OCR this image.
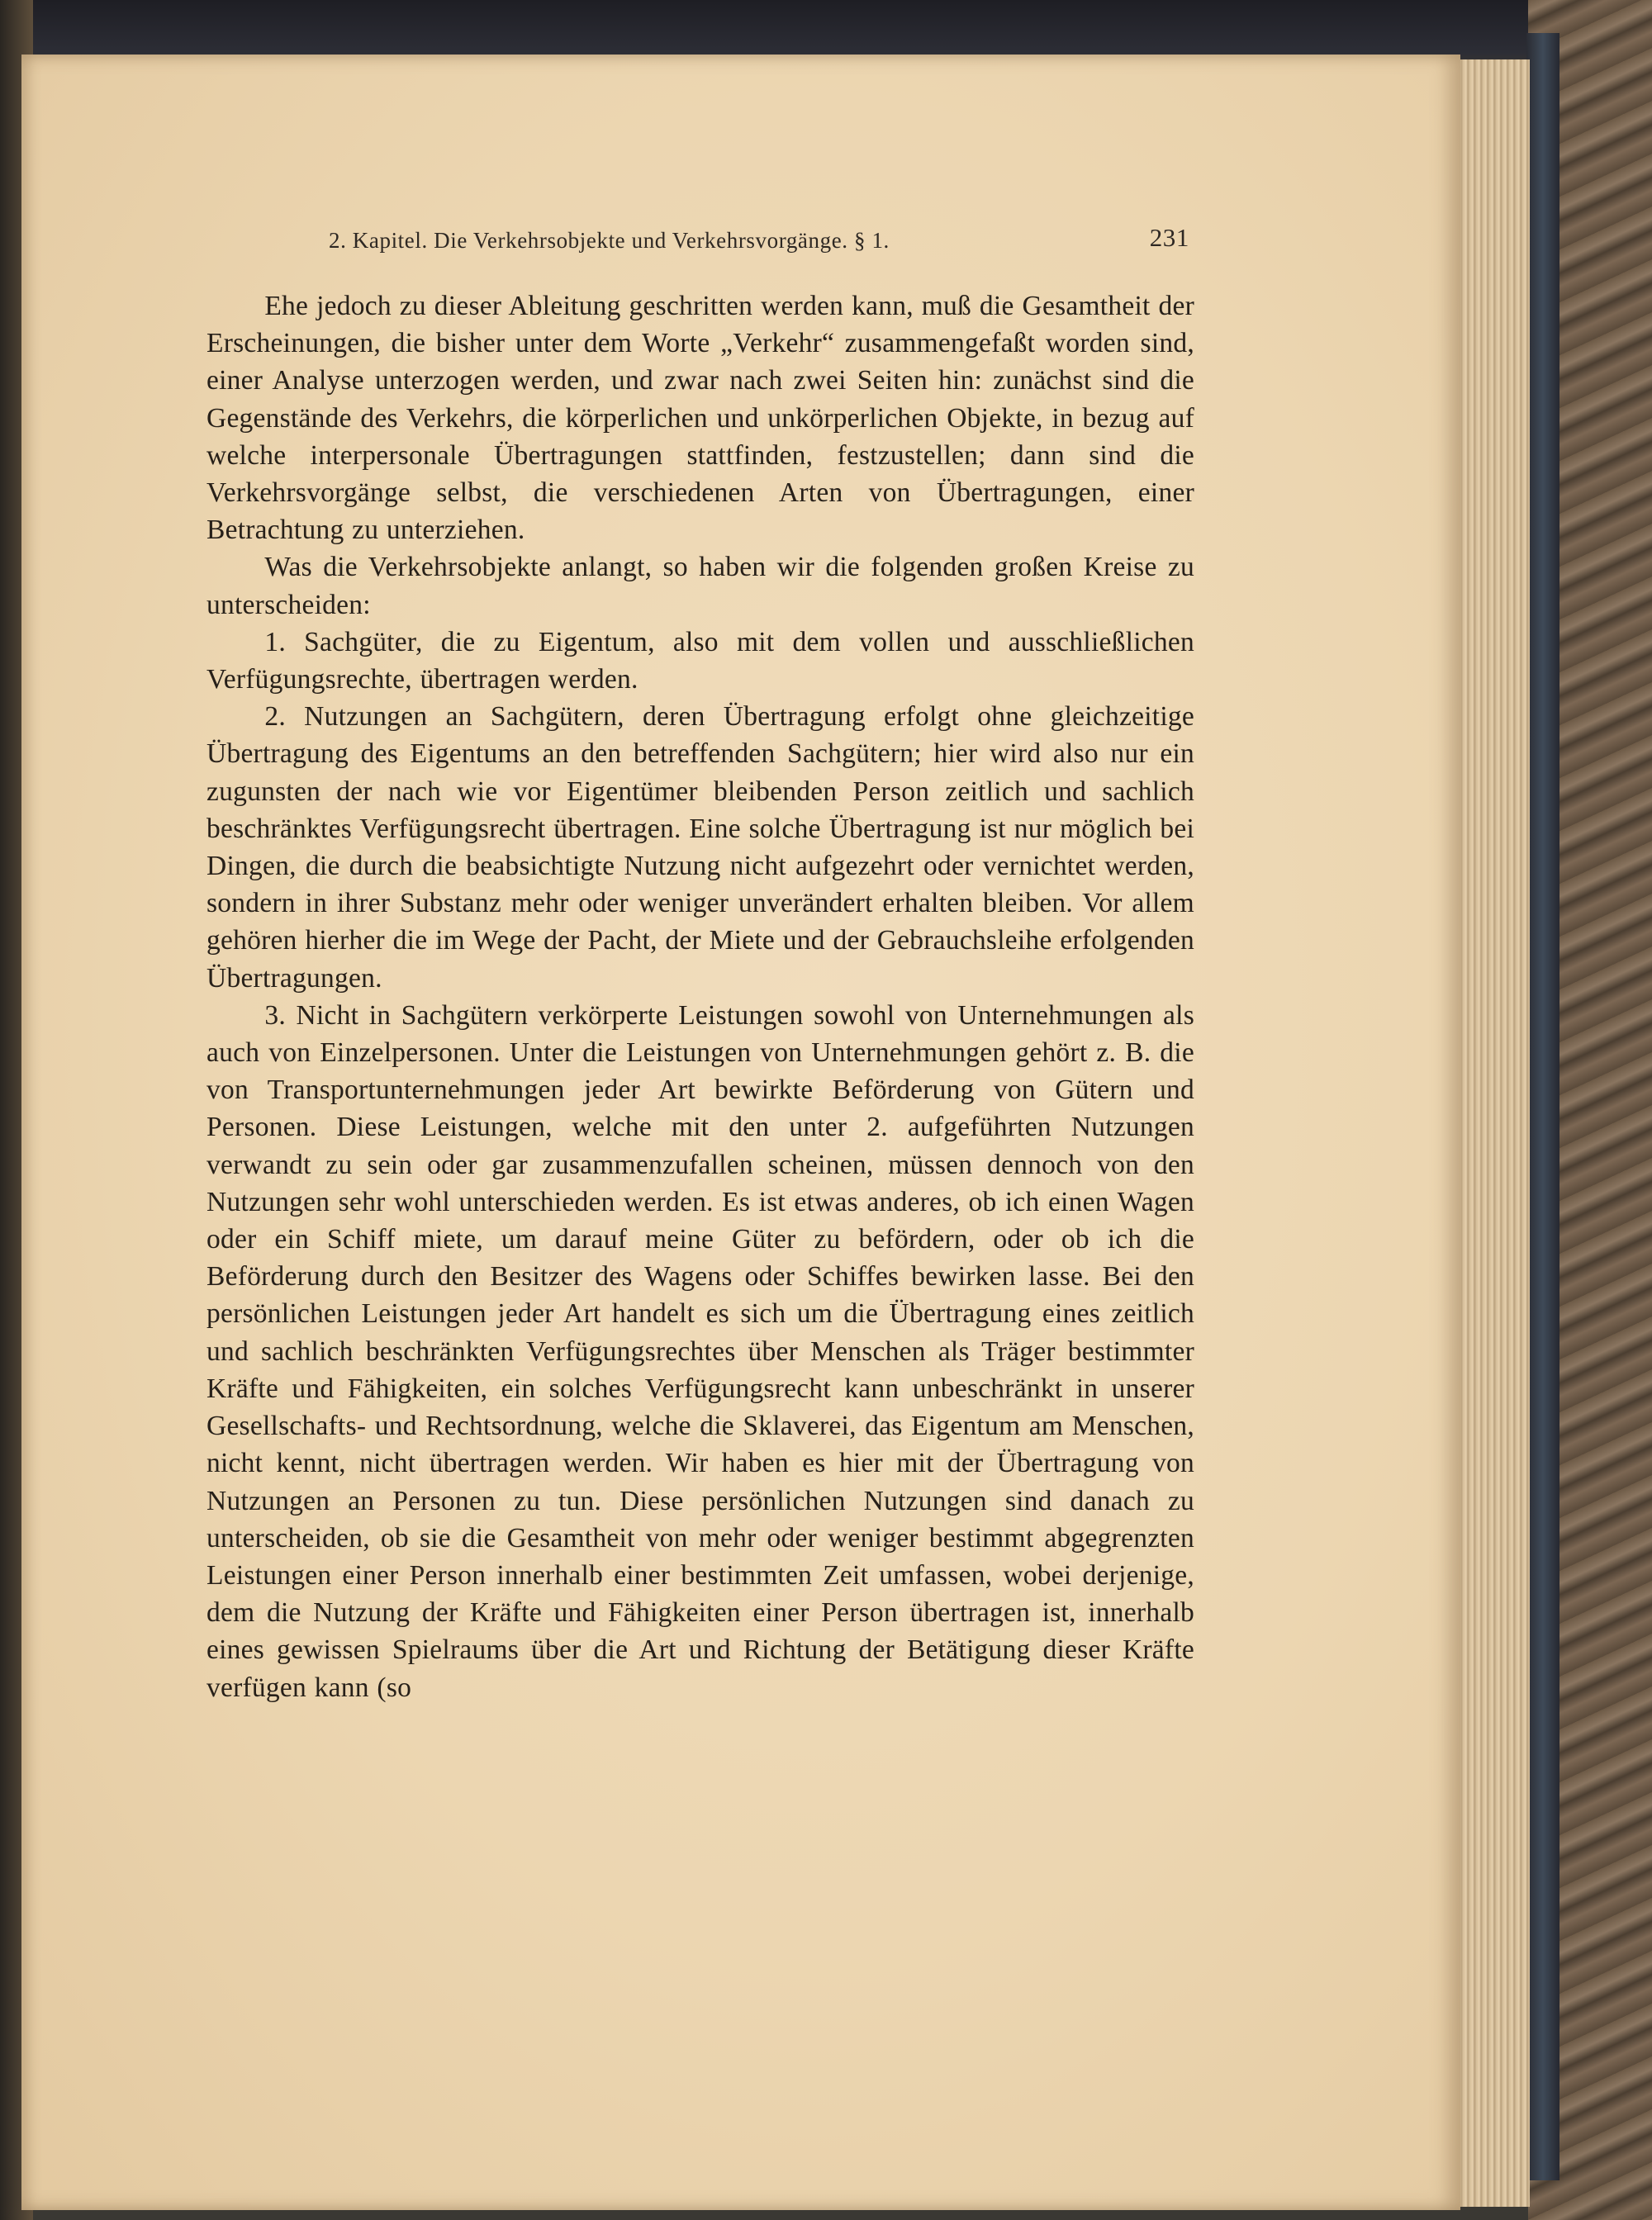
2. Kapitel. Die Verkehrsobjekte und Verkehrsvorgänge. § 1.	231

Ehe jedoch zu dieser Ableitung geschritten werden kann, muß die Gesamtheit der Erscheinungen, die bisher unter dem Worte „Verkehr“ zusammengefaßt worden sind, einer Analyse unterzogen werden, und zwar nach zwei Seiten hin: zunächst sind die Gegenstände des Verkehrs, die körperlichen und unkörperlichen Objekte, in bezug auf welche interpersonale Übertragungen stattfinden, festzustellen; dann sind die Verkehrsvorgänge selbst, die verschiedenen Arten von Übertragungen, einer Betrachtung zu unterziehen.

Was die Verkehrsobjekte anlangt, so haben wir die folgenden großen Kreise zu unterscheiden:

1. Sachgüter, die zu Eigentum, also mit dem vollen und ausschließlichen Verfügungsrechte, übertragen werden.

2. Nutzungen an Sachgütern, deren Übertragung erfolgt ohne gleichzeitige Übertragung des Eigentums an den betreffenden Sachgütern; hier wird also nur ein zugunsten der nach wie vor Eigentümer bleibenden Person zeitlich und sachlich beschränktes Verfügungsrecht übertragen. Eine solche Übertragung ist nur möglich bei Dingen, die durch die beabsichtigte Nutzung nicht aufgezehrt oder vernichtet werden, sondern in ihrer Substanz mehr oder weniger unverändert erhalten bleiben. Vor allem gehören hierher die im Wege der Pacht, der Miete und der Gebrauchsleihe erfolgenden Übertragungen.

3. Nicht in Sachgütern verkörperte Leistungen sowohl von Unternehmungen als auch von Einzelpersonen. Unter die Leistungen von Unternehmungen gehört z. B. die von Transportunternehmungen jeder Art bewirkte Beförderung von Gütern und Personen. Diese Leistungen, welche mit den unter 2. aufgeführten Nutzungen verwandt zu sein oder gar zusammenzufallen scheinen, müssen dennoch von den Nutzungen sehr wohl unterschieden werden. Es ist etwas anderes, ob ich einen Wagen oder ein Schiff miete, um darauf meine Güter zu befördern, oder ob ich die Beförderung durch den Besitzer des Wagens oder Schiffes bewirken lasse. Bei den persönlichen Leistungen jeder Art handelt es sich um die Übertragung eines zeitlich und sachlich beschränkten Verfügungsrechtes über Menschen als Träger bestimmter Kräfte und Fähigkeiten, ein solches Verfügungsrecht kann unbeschränkt in unserer Gesellschafts- und Rechtsordnung, welche die Sklaverei, das Eigentum am Menschen, nicht kennt, nicht übertragen werden. Wir haben es hier mit der Übertragung von Nutzungen an Personen zu tun. Diese persönlichen Nutzungen sind danach zu unterscheiden, ob sie die Gesamtheit von mehr oder weniger bestimmt abgegrenzten Leistungen einer Person innerhalb einer bestimmten Zeit umfassen, wobei derjenige, dem die Nutzung der Kräfte und Fähigkeiten einer Person übertragen ist, innerhalb eines gewissen Spielraums über die Art und Richtung der Betätigung dieser Kräfte verfügen kann (so
